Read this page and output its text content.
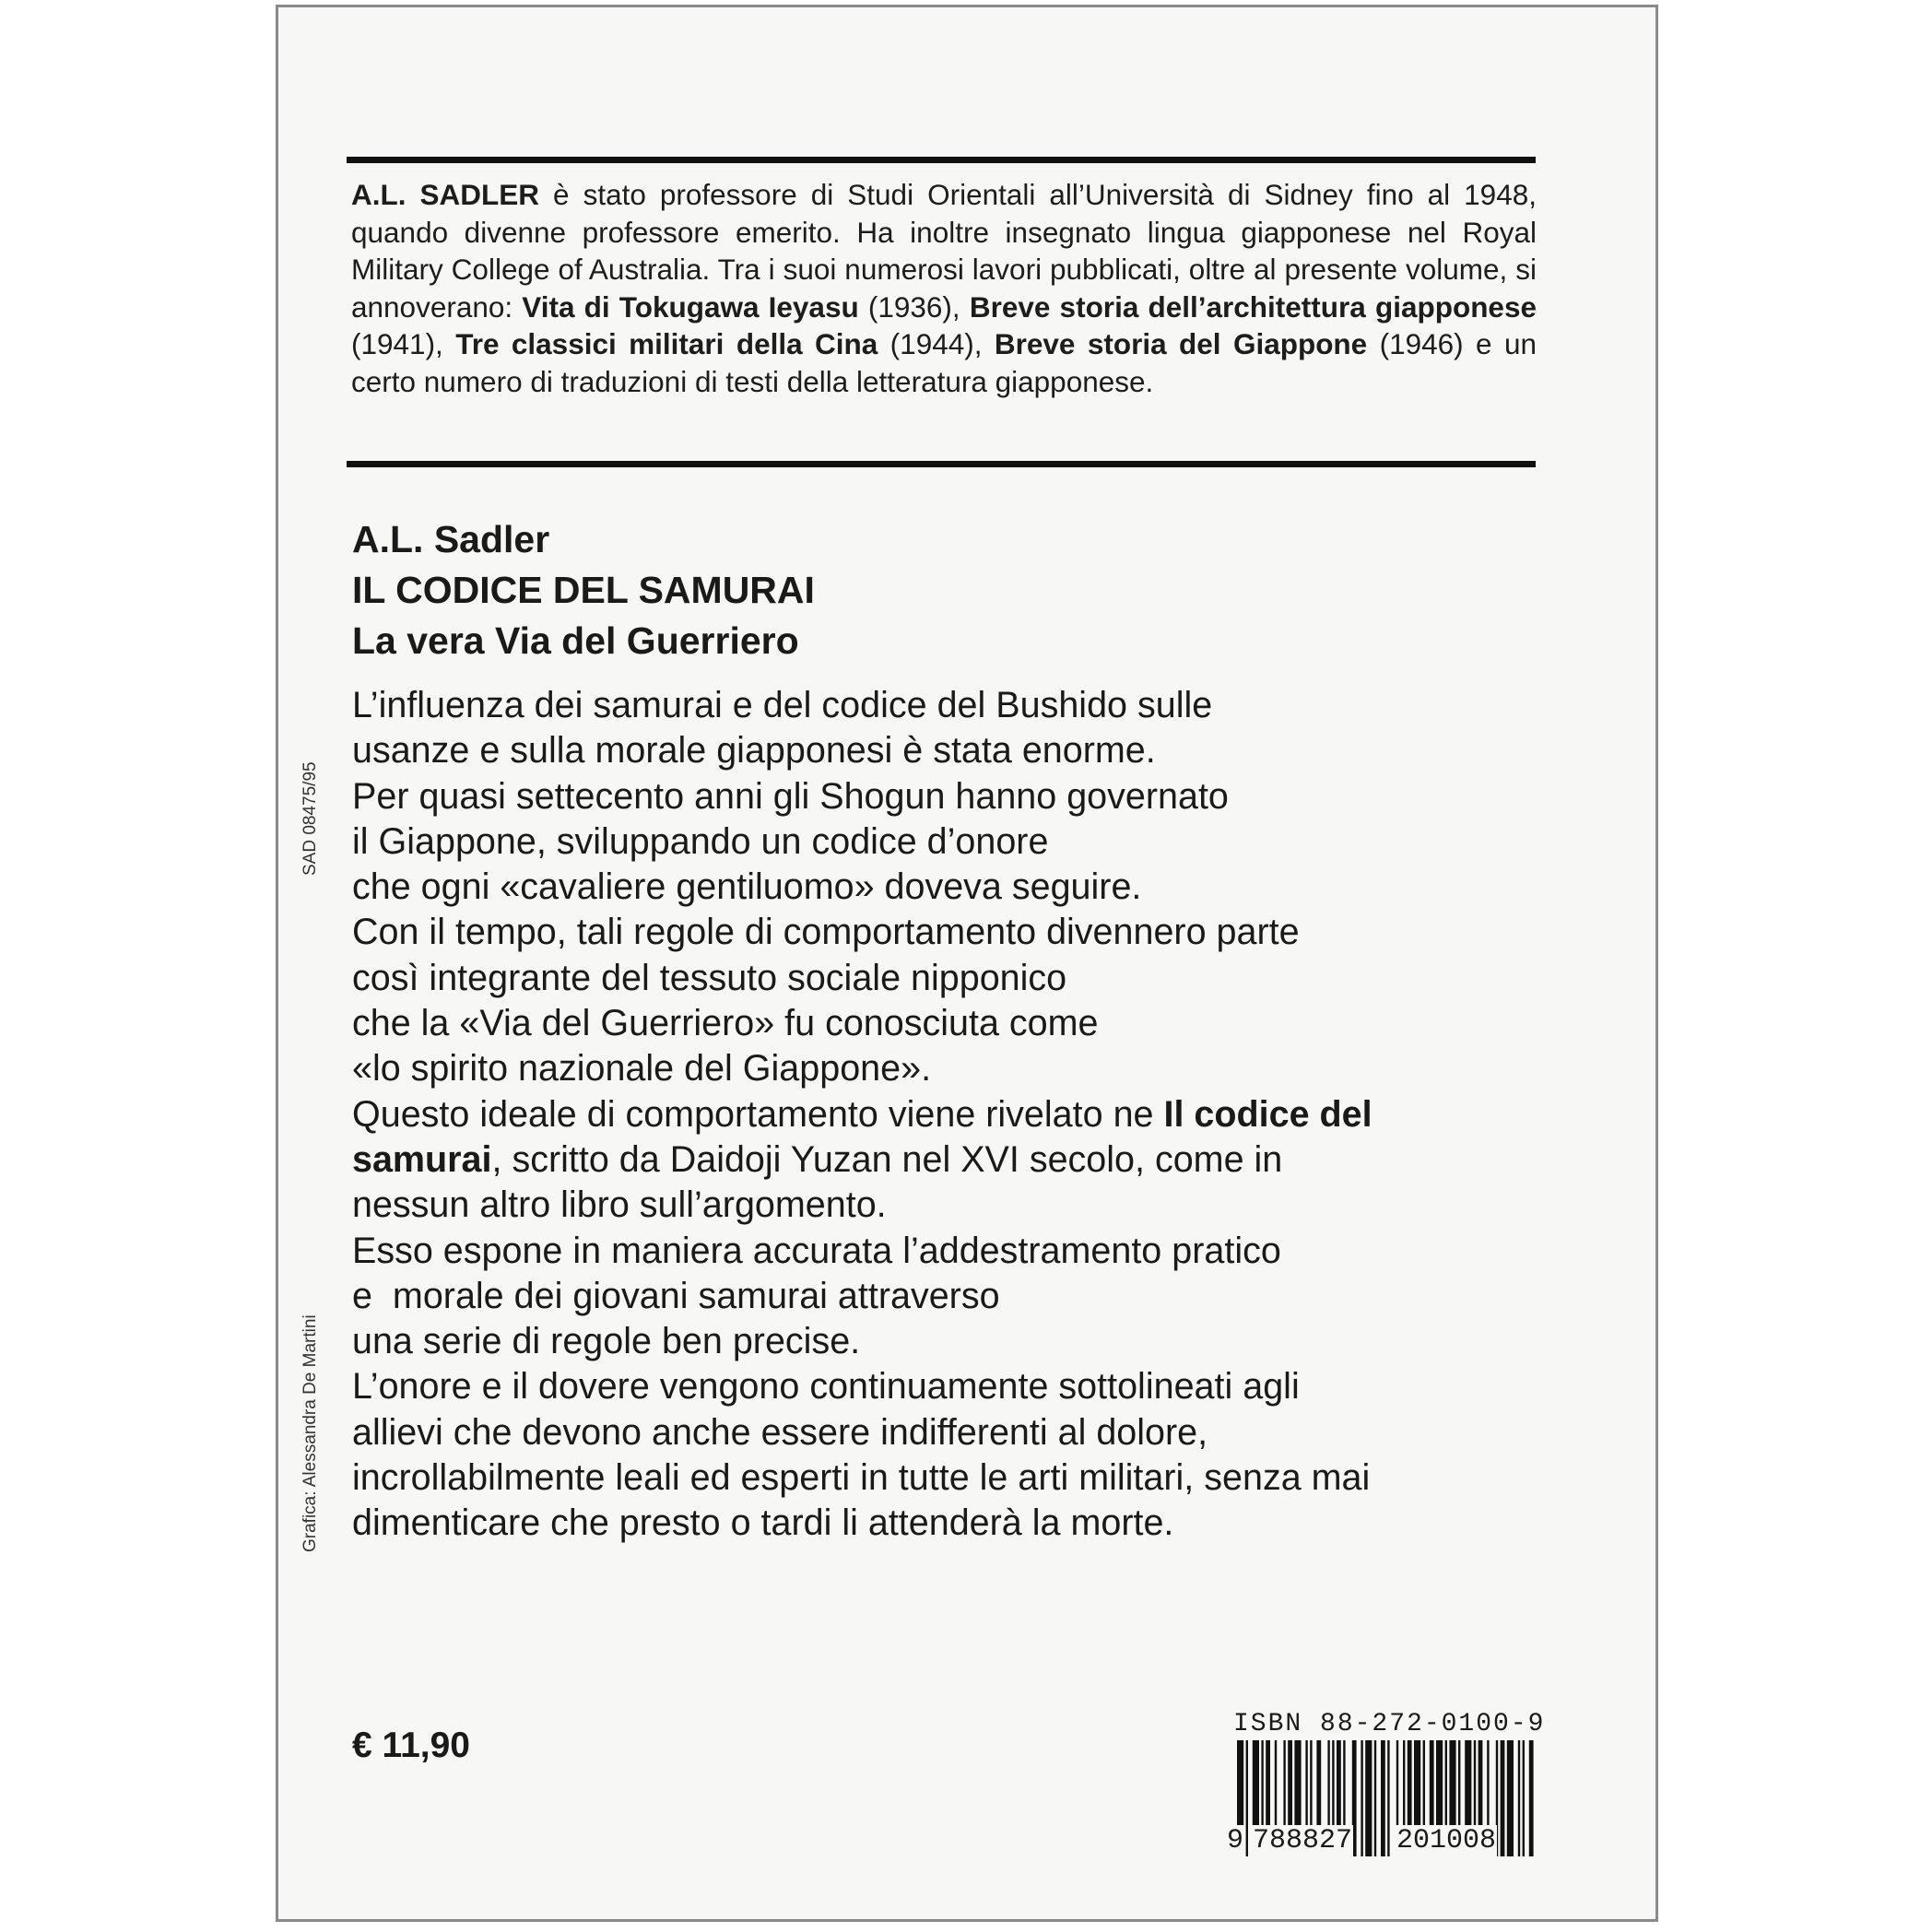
A.L. SADLER è stato professore di Studi Orientali all’Università di Sidney fino al 1948, quando divenne professore emerito. Ha inoltre insegnato lingua giapponese nel Royal Military College of Australia. Tra i suoi numerosi lavori pubblicati, oltre al presente volume, si annoverano: Vita di Tokugawa Ieyasu (1936), Breve storia dell’architettura giapponese (1941), Tre classici militari della Cina (1944), Breve storia del Giappone (1946) e un certo numero di traduzioni di testi della letteratura giapponese.
A.L. Sadler
IL CODICE DEL SAMURAI
La vera Via del Guerriero
L’influenza dei samurai e del codice del Bushido sulle
usanze e sulla morale giapponesi è stata enorme.
Per quasi settecento anni gli Shogun hanno governato
il Giappone, sviluppando un codice d’onore
che ogni «cavaliere gentiluomo» doveva seguire.
Con il tempo, tali regole di comportamento divennero parte
così integrante del tessuto sociale nipponico
che la «Via del Guerriero» fu conosciuta come
«lo spirito nazionale del Giappone».
Questo ideale di comportamento viene rivelato ne Il codice del
samurai, scritto da Daidoji Yuzan nel XVI secolo, come in
nessun altro libro sull’argomento.
Esso espone in maniera accurata l’addestramento pratico
e  morale dei giovani samurai attraverso
una serie di regole ben precise.
L’onore e il dovere vengono continuamente sottolineati agli
allievi che devono anche essere indifferenti al dolore,
incrollabilmente leali ed esperti in tutte le arti militari, senza mai
dimenticare che presto o tardi li attenderà la morte.
SAD 08475/95
Grafica: Alessandra De Martini
€ 11,90
ISBN 88-272-0100-9
9 788827 201008
